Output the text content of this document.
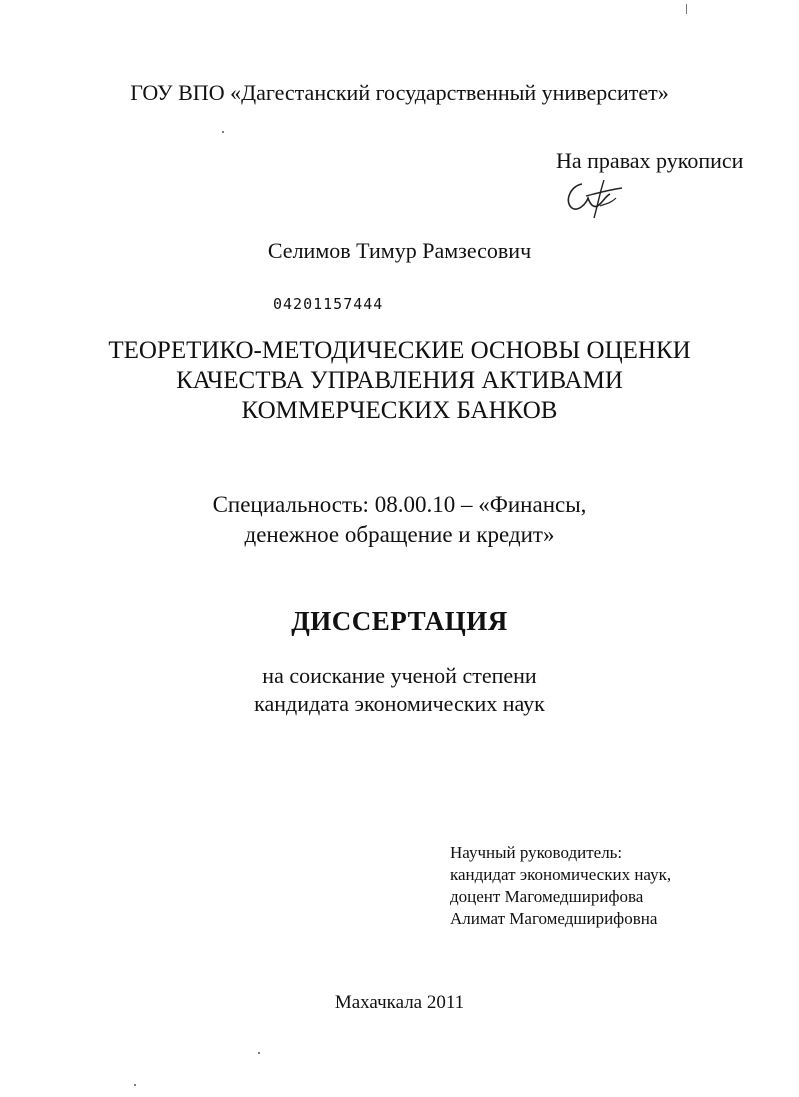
ГОУ ВПО «Дагестанский государственный университет»
На правах рукописи
Селимов Тимур Рамзесович
04201157444
ТЕОРЕТИКО-МЕТОДИЧЕСКИЕ ОСНОВЫ ОЦЕНКИ
КАЧЕСТВА УПРАВЛЕНИЯ АКТИВАМИ
КОММЕРЧЕСКИХ БАНКОВ
Специальность: 08.00.10 – «Финансы,
денежное обращение и кредит»
ДИССЕРТАЦИЯ
на соискание ученой степени
кандидата экономических наук
Научный руководитель:
кандидат экономических наук,
доцент Магомедширифова
Алимат Магомедширифовна
Махачкала 2011
